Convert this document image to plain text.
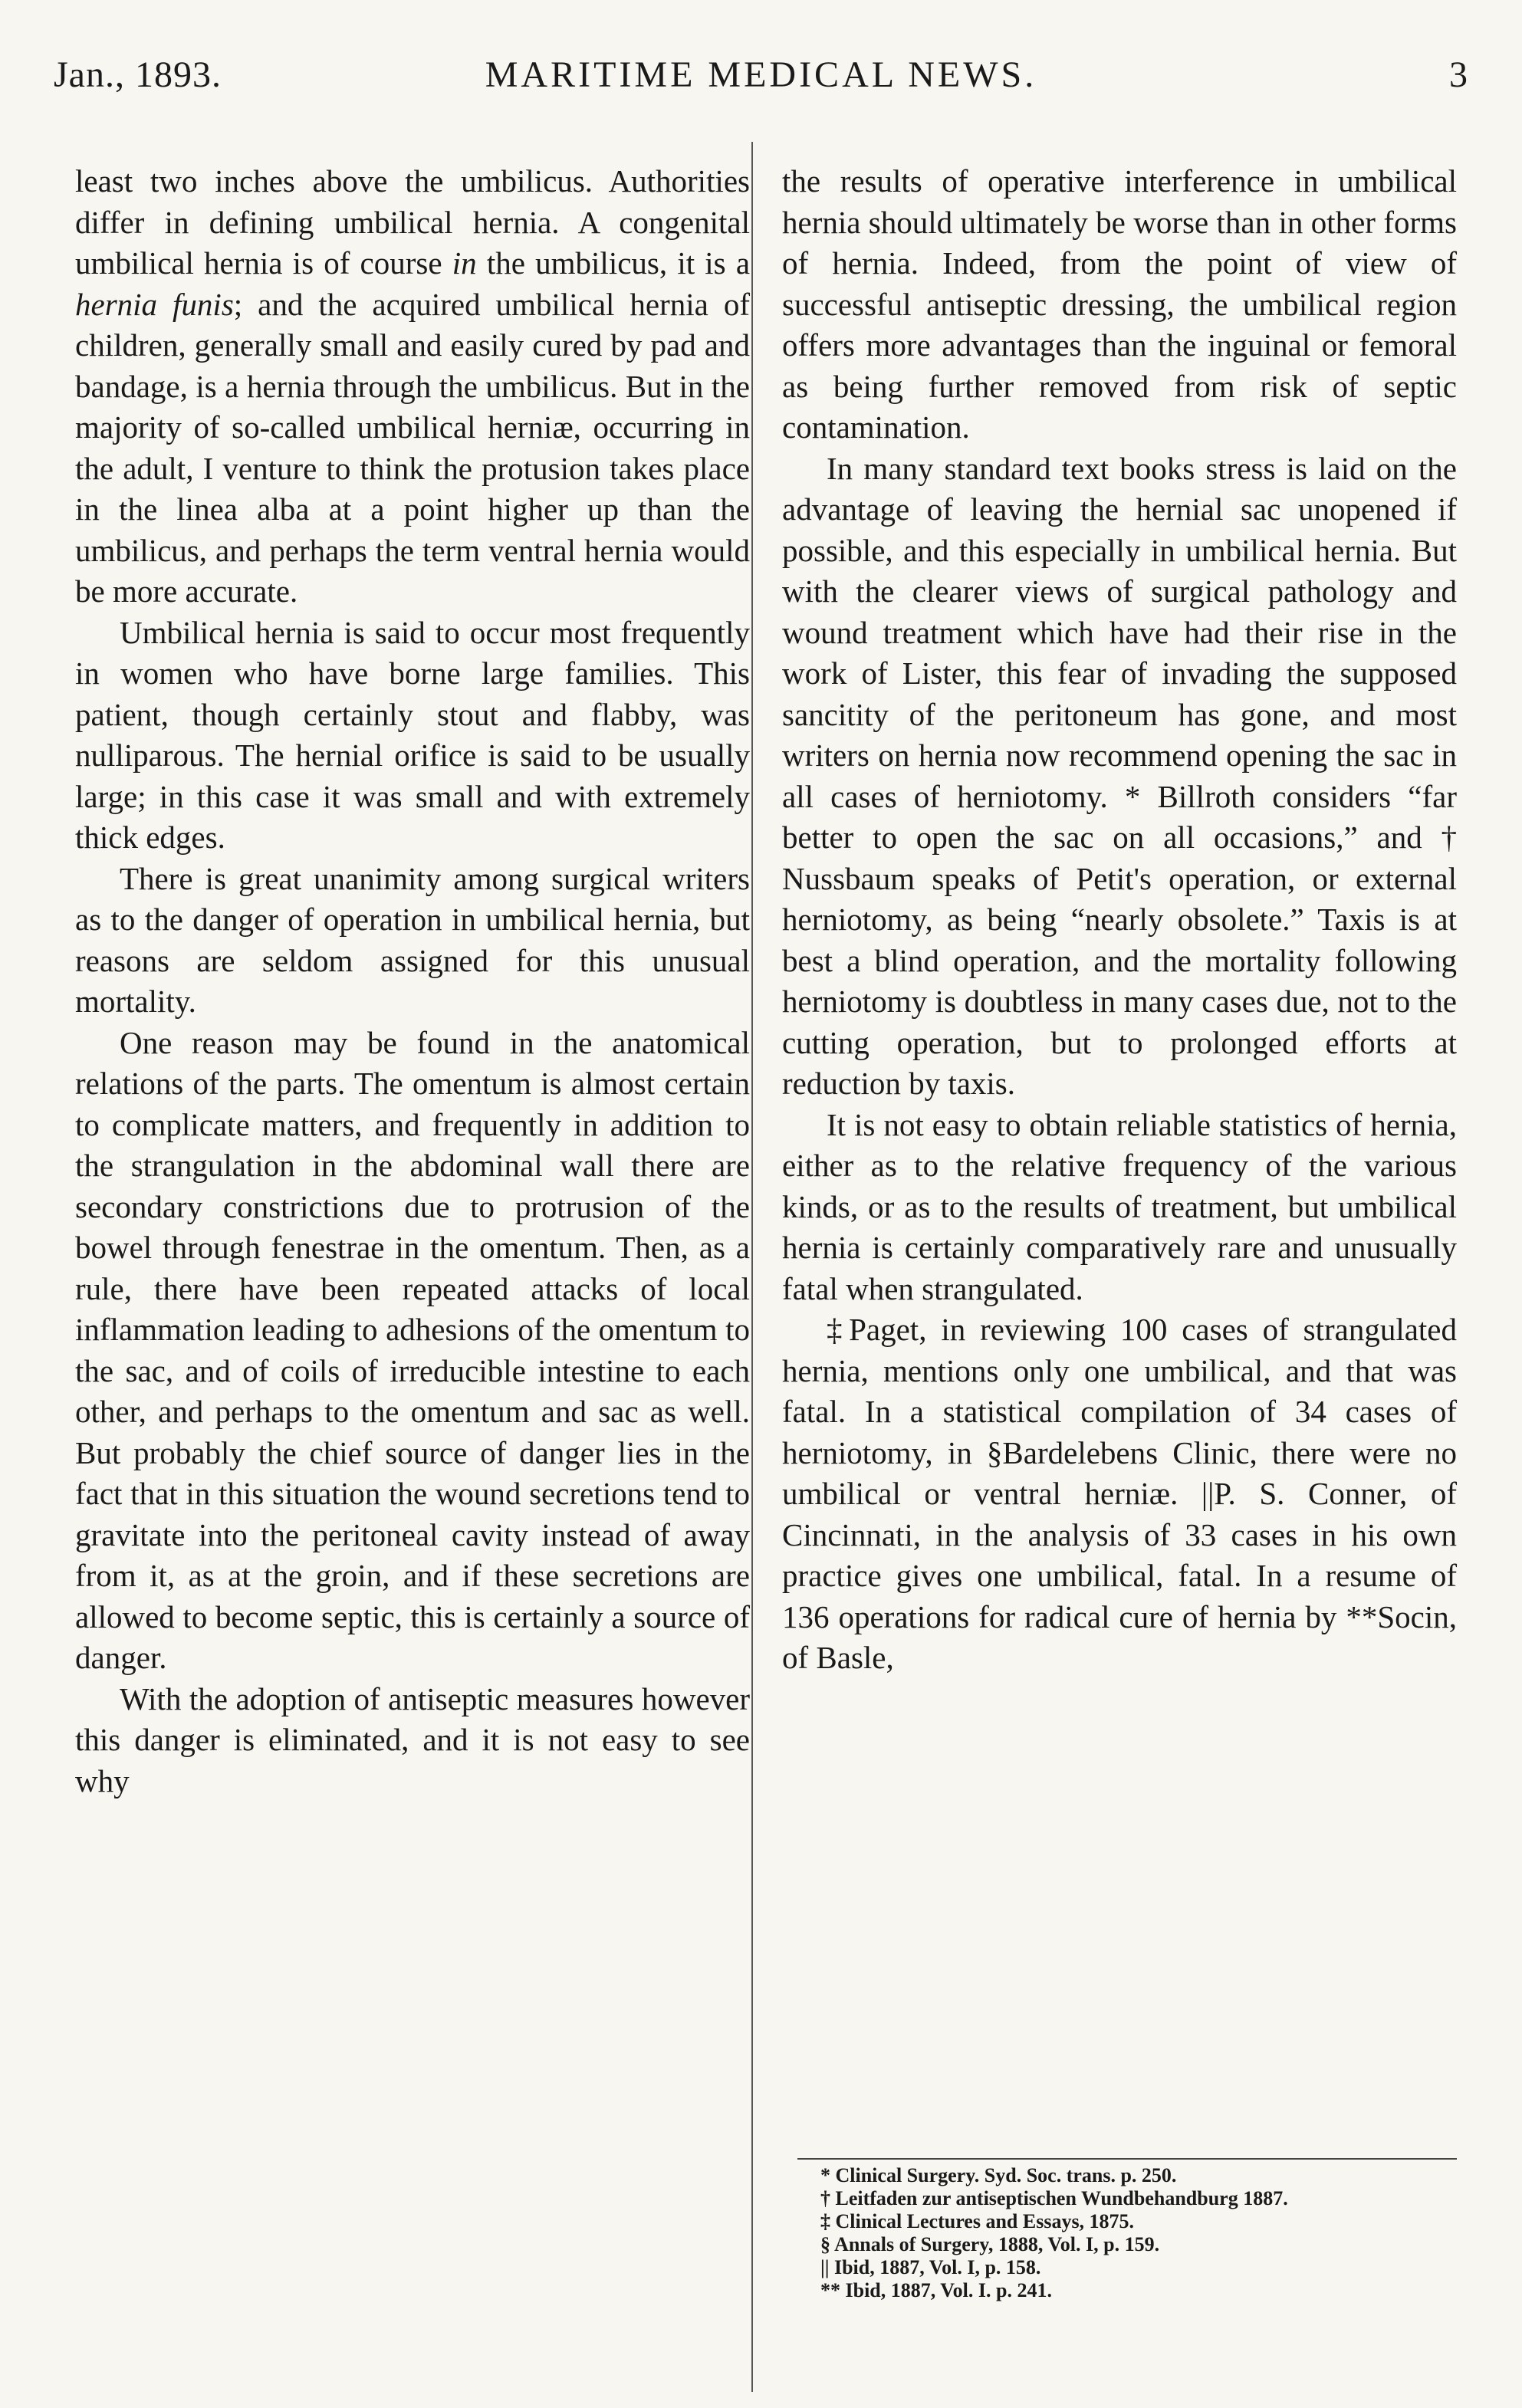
Jan., 1893.	MARITIME MEDICAL NEWS.	3

least two inches above the umbilicus. Authorities differ in defining umbilical hernia. A congenital umbilical hernia is of course in the umbilicus, it is a hernia funis; and the acquired umbilical hernia of children, generally small and easily cured by pad and bandage, is a hernia through the umbilicus. But in the majority of so-called umbilical herniæ, occurring in the adult, I venture to think the protusion takes place in the linea alba at a point higher up than the umbilicus, and perhaps the term ventral hernia would be more accurate.

Umbilical hernia is said to occur most frequently in women who have borne large families. This patient, though certainly stout and flabby, was nulliparous. The hernial orifice is said to be usually large; in this case it was small and with extremely thick edges.

There is great unanimity among surgical writers as to the danger of operation in umbilical hernia, but reasons are seldom assigned for this unusual mortality.

One reason may be found in the anatomical relations of the parts. The omentum is almost certain to complicate matters, and frequently in addition to the strangulation in the abdominal wall there are secondary constrictions due to protrusion of the bowel through fenestrae in the omentum. Then, as a rule, there have been repeated attacks of local inflammation leading to adhesions of the omentum to the sac, and of coils of irreducible intestine to each other, and perhaps to the omentum and sac as well. But probably the chief source of danger lies in the fact that in this situation the wound secretions tend to gravitate into the peritoneal cavity instead of away from it, as at the groin, and if these secretions are allowed to become septic, this is certainly a source of danger.

With the adoption of antiseptic measures however this danger is eliminated, and it is not easy to see why

the results of operative interference in umbilical hernia should ultimately be worse than in other forms of hernia. Indeed, from the point of view of successful antiseptic dressing, the umbilical region offers more advantages than the inguinal or femoral as being further removed from risk of septic contamination.

In many standard text books stress is laid on the advantage of leaving the hernial sac unopened if possible, and this especially in umbilical hernia. But with the clearer views of surgical pathology and wound treatment which have had their rise in the work of Lister, this fear of invading the supposed sancitity of the peritoneum has gone, and most writers on hernia now recommend opening the sac in all cases of herniotomy. * Billroth considers “far better to open the sac on all occasions,” and † Nussbaum speaks of Petit's operation, or external herniotomy, as being “nearly obsolete.” Taxis is at best a blind operation, and the mortality following herniotomy is doubtless in many cases due, not to the cutting operation, but to prolonged efforts at reduction by taxis.

It is not easy to obtain reliable statistics of hernia, either as to the relative frequency of the various kinds, or as to the results of treatment, but umbilical hernia is certainly comparatively rare and unusually fatal when strangulated.

‡Paget, in reviewing 100 cases of strangulated hernia, mentions only one umbilical, and that was fatal. In a statistical compilation of 34 cases of herniotomy, in §Bardelebens Clinic, there were no umbilical or ventral herniæ. ||P. S. Conner, of Cincinnati, in the analysis of 33 cases in his own practice gives one umbilical, fatal. In a resume of 136 operations for radical cure of hernia by **Socin, of Basle,

* Clinical Surgery. Syd. Soc. trans. p. 250.
† Leitfaden zur antiseptischen Wundbehandburg 1887.
‡ Clinical Lectures and Essays, 1875.
§ Annals of Surgery, 1888, Vol. I, p. 159.
|| Ibid, 1887, Vol. I, p. 158.
** Ibid, 1887, Vol. I. p. 241.
